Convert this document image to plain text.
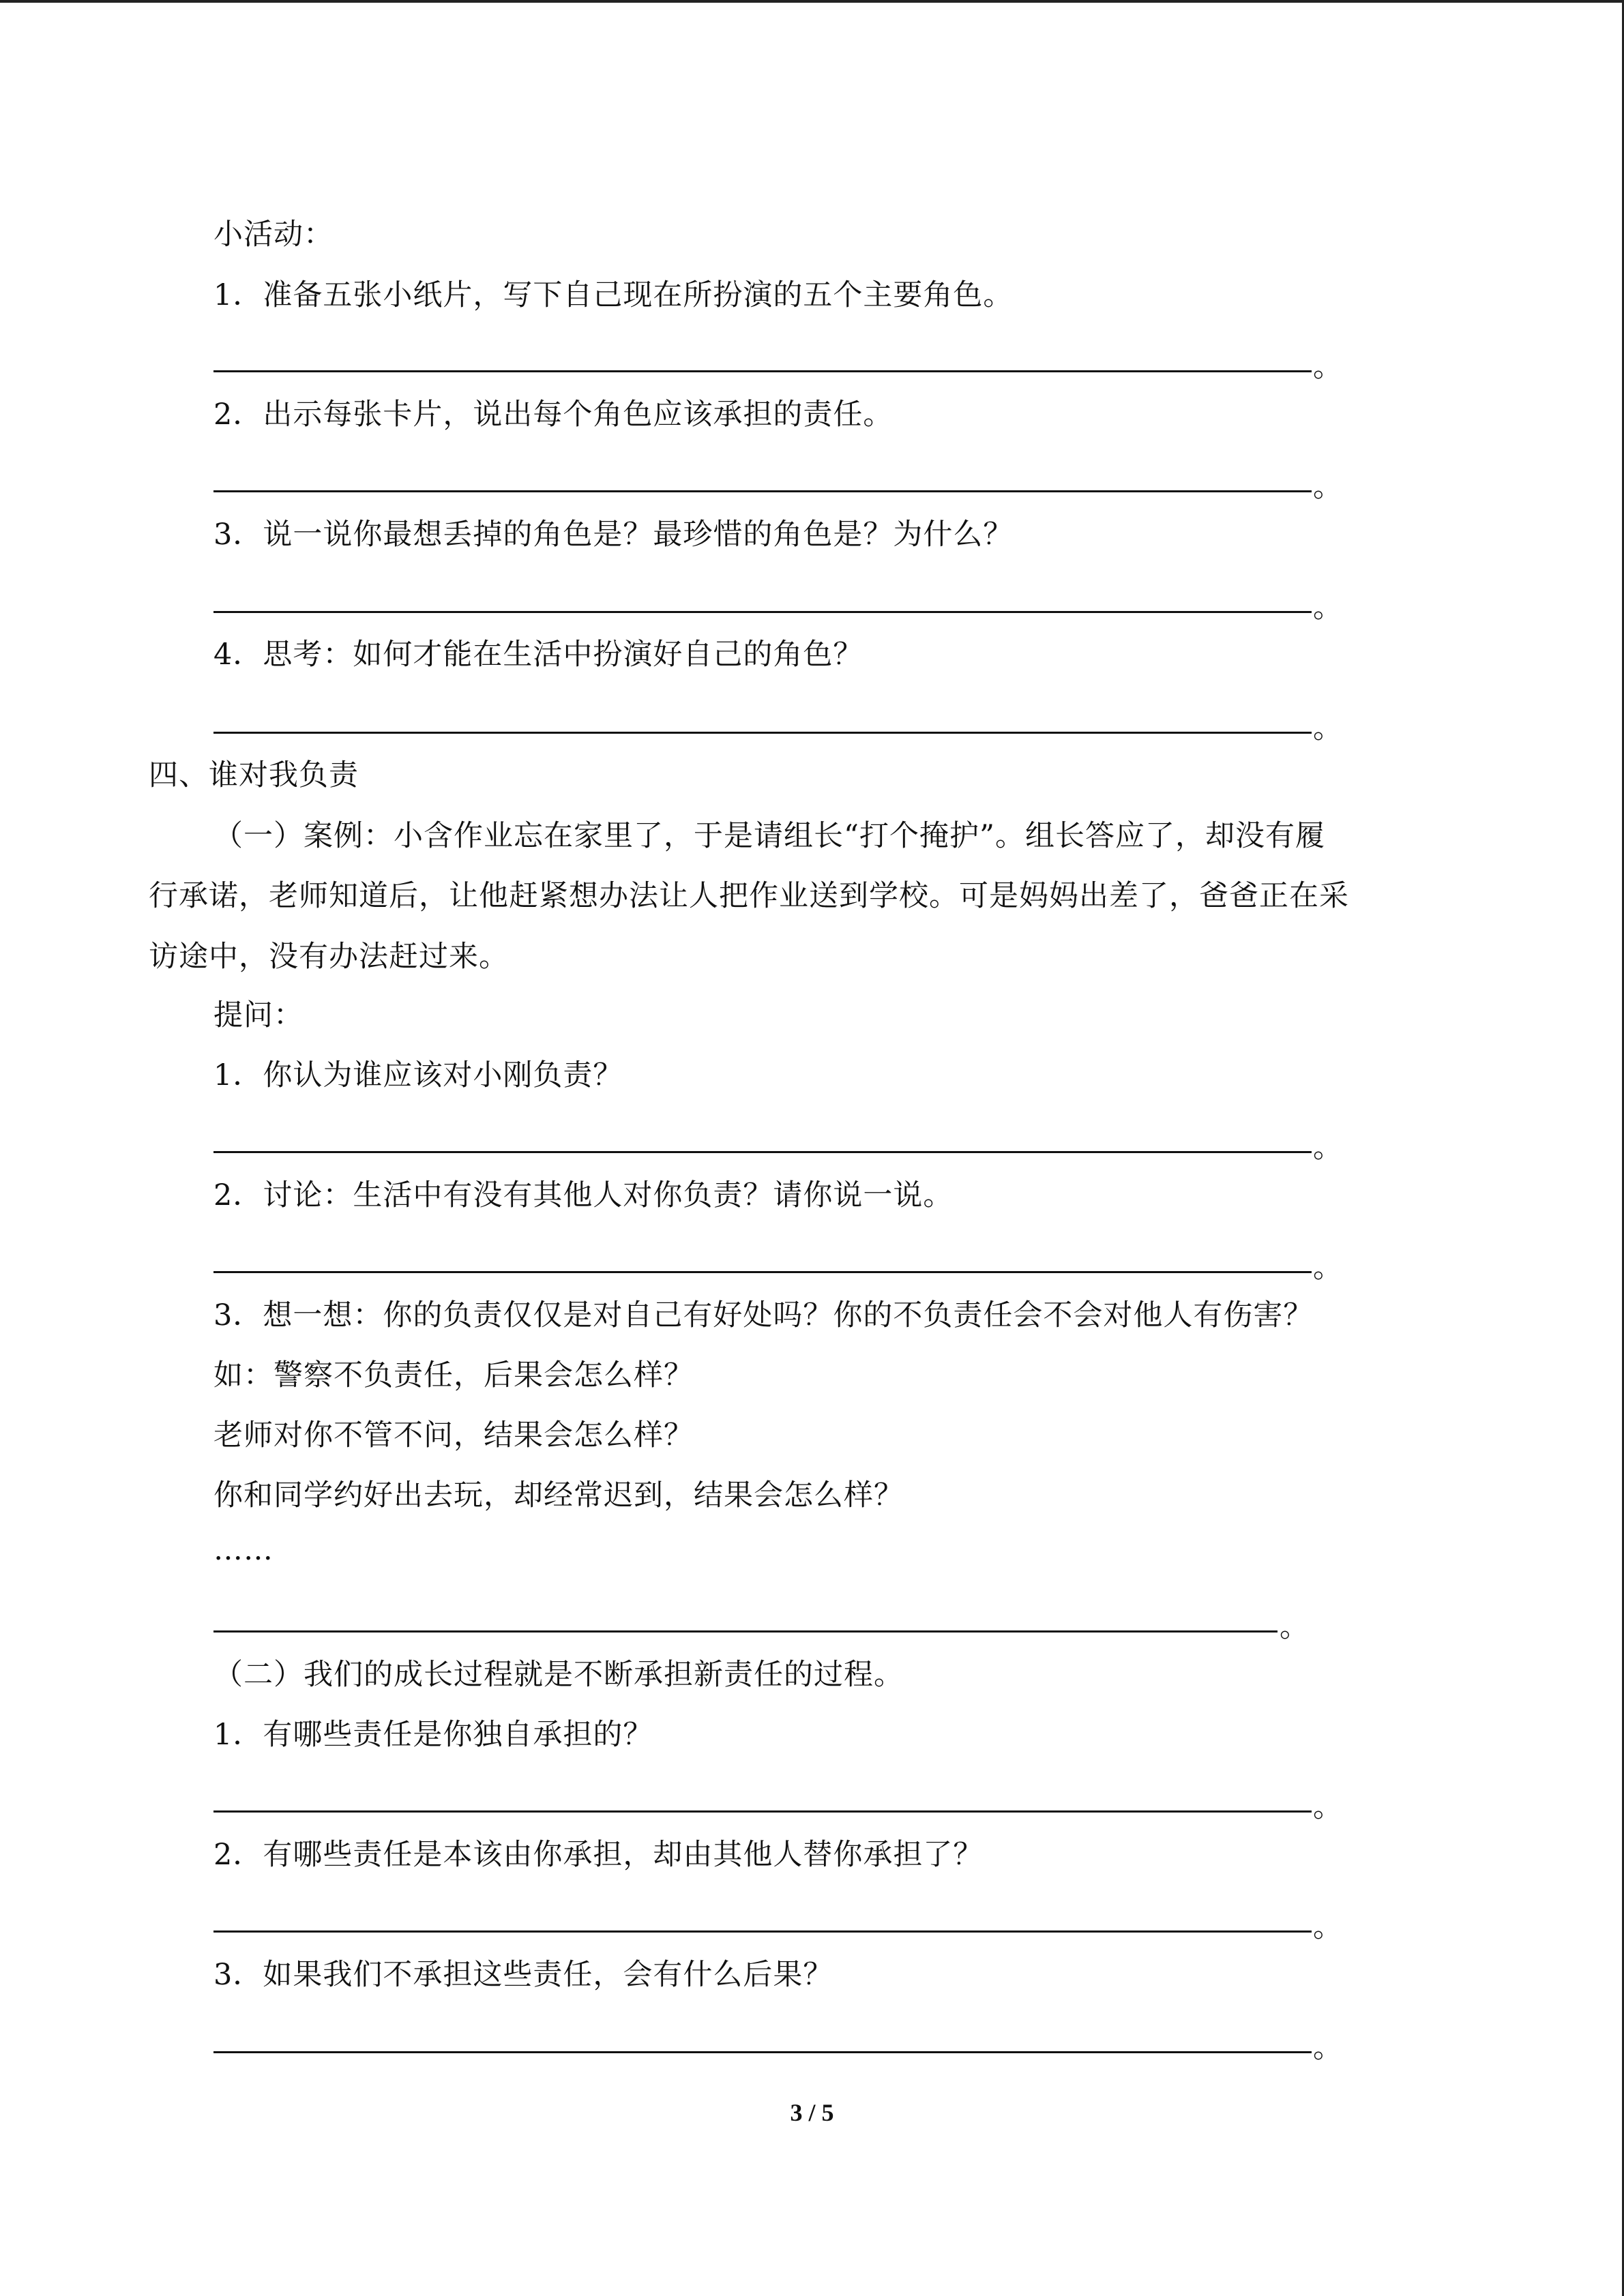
小活动：
1．准备五张小纸片，写下自己现在所扮演的五个主要角色。
。
2．出示每张卡片，说出每个角色应该承担的责任。
。
3．说一说你最想丢掉的角色是？最珍惜的角色是？为什么？
。
4．思考：如何才能在生活中扮演好自己的角色？
。
四、谁对我负责
（一）案例：小含作业忘在家里了，于是请组长“打个掩护”。组长答应了，却没有履
行承诺，老师知道后，让他赶紧想办法让人把作业送到学校。可是妈妈出差了，爸爸正在采
访途中，没有办法赶过来。
提问：
1．你认为谁应该对小刚负责？
。
2．讨论：生活中有没有其他人对你负责？请你说一说。
。
3．想一想：你的负责仅仅是对自己有好处吗？你的不负责任会不会对他人有伤害？
如：警察不负责任，后果会怎么样？
老师对你不管不问，结果会怎么样？
你和同学约好出去玩，却经常迟到，结果会怎么样？
……
。
（二）我们的成长过程就是不断承担新责任的过程。
1．有哪些责任是你独自承担的？
。
2．有哪些责任是本该由你承担，却由其他人替你承担了？
。
3．如果我们不承担这些责任，会有什么后果？
。
3 / 5
